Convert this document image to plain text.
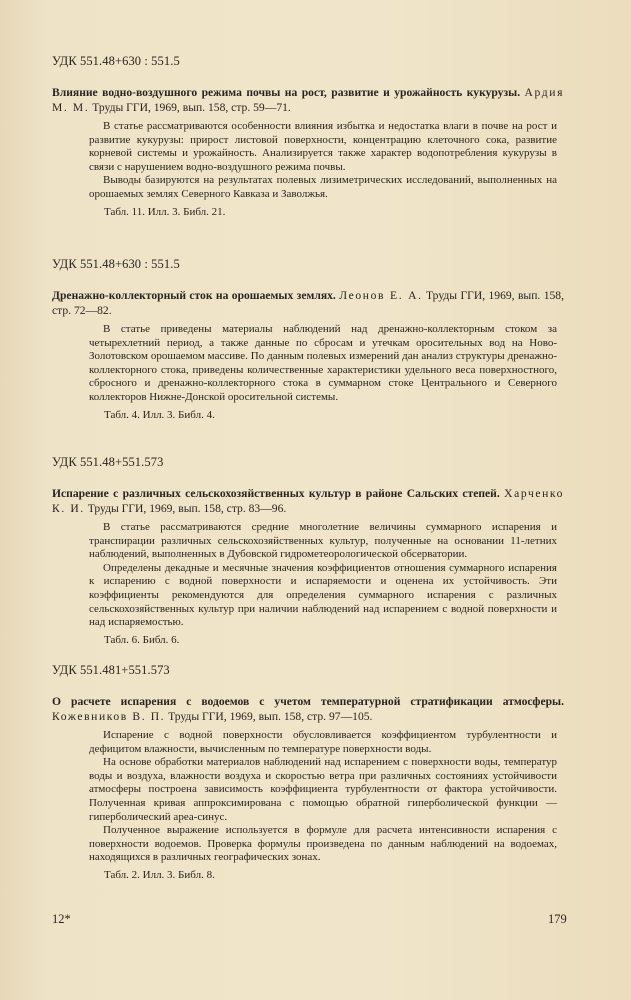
УДК 551.48+630 : 551.5
Влияние водно-воздушного режима почвы на рост, развитие и урожайность кукурузы. Ардия М. М. Труды ГГИ, 1969, вып. 158, стр. 59—71.

В статье рассматриваются особенности влияния избытка и недостатка влаги в почве на рост и развитие кукурузы: прирост листовой поверхности, концентрацию клеточного сока, развитие корневой системы и урожайность. Анализируется также характер водопотребления кукурузы в связи с нарушением водно-воздушного режима почвы.

Выводы базируются на результатах полевых лизиметрических исследований, выполненных на орошаемых землях Северного Кавказа и Заволжья.

Табл. 11. Илл. 3. Библ. 21.
УДК 551.48+630 : 551.5
Дренажно-коллекторный сток на орошаемых землях. Леонов Е. А. Труды ГГИ, 1969, вып. 158, стр. 72—82.

В статье приведены материалы наблюдений над дренажно-коллекторным стоком за четырехлетний период, а также данные по сбросам и утечкам оросительных вод на Ново-Золотовском орошаемом массиве. По данным полевых измерений дан анализ структуры дренажно-коллекторного стока, приведены количественные характеристики удельного веса поверхностного, сбросного и дренажно-коллекторного стока в суммарном стоке Центрального и Северного коллекторов Нижне-Донской оросительной системы.

Табл. 4. Илл. 3. Библ. 4.
УДК 551.48+551.573
Испарение с различных сельскохозяйственных культур в районе Сальских степей. Харченко К. И. Труды ГГИ, 1969, вып. 158, стр. 83—96.

В статье рассматриваются средние многолетние величины суммарного испарения и транспирации различных сельскохозяйственных культур, полученные на основании 11-летних наблюдений, выполненных в Дубовской гидрометеорологической обсерватории.

Определены декадные и месячные значения коэффициентов отношения суммарного испарения к испарению с водной поверхности и испаряемости и оценена их устойчивость. Эти коэффициенты рекомендуются для определения суммарного испарения с различных сельскохозяйственных культур при наличии наблюдений над испарением с водной поверхности и над испаряемостью.

Табл. 6. Библ. 6.
УДК 551.481+551.573
О расчете испарения с водоемов с учетом температурной стратификации атмосферы. Кожевников В. П. Труды ГГИ, 1969, вып. 158, стр. 97—105.

Испарение с водной поверхности обусловливается коэффициентом турбулентности и дефицитом влажности, вычисленным по температуре поверхности воды.

На основе обработки материалов наблюдений над испарением с поверхности воды, температур воды и воздуха, влажности воздуха и скоростью ветра при различных состояниях устойчивости атмосферы построена зависимость коэффициента турбулентности от фактора устойчивости. Полученная кривая аппроксимирована с помощью обратной гиперболической функции — гиперболический ареа-синус.

Полученное выражение используется в формуле для расчета интенсивности испарения с поверхности водоемов. Проверка формулы произведена по данным наблюдений на водоемах, находящихся в различных географических зонах.

Табл. 2. Илл. 3. Библ. 8.
12*	179
